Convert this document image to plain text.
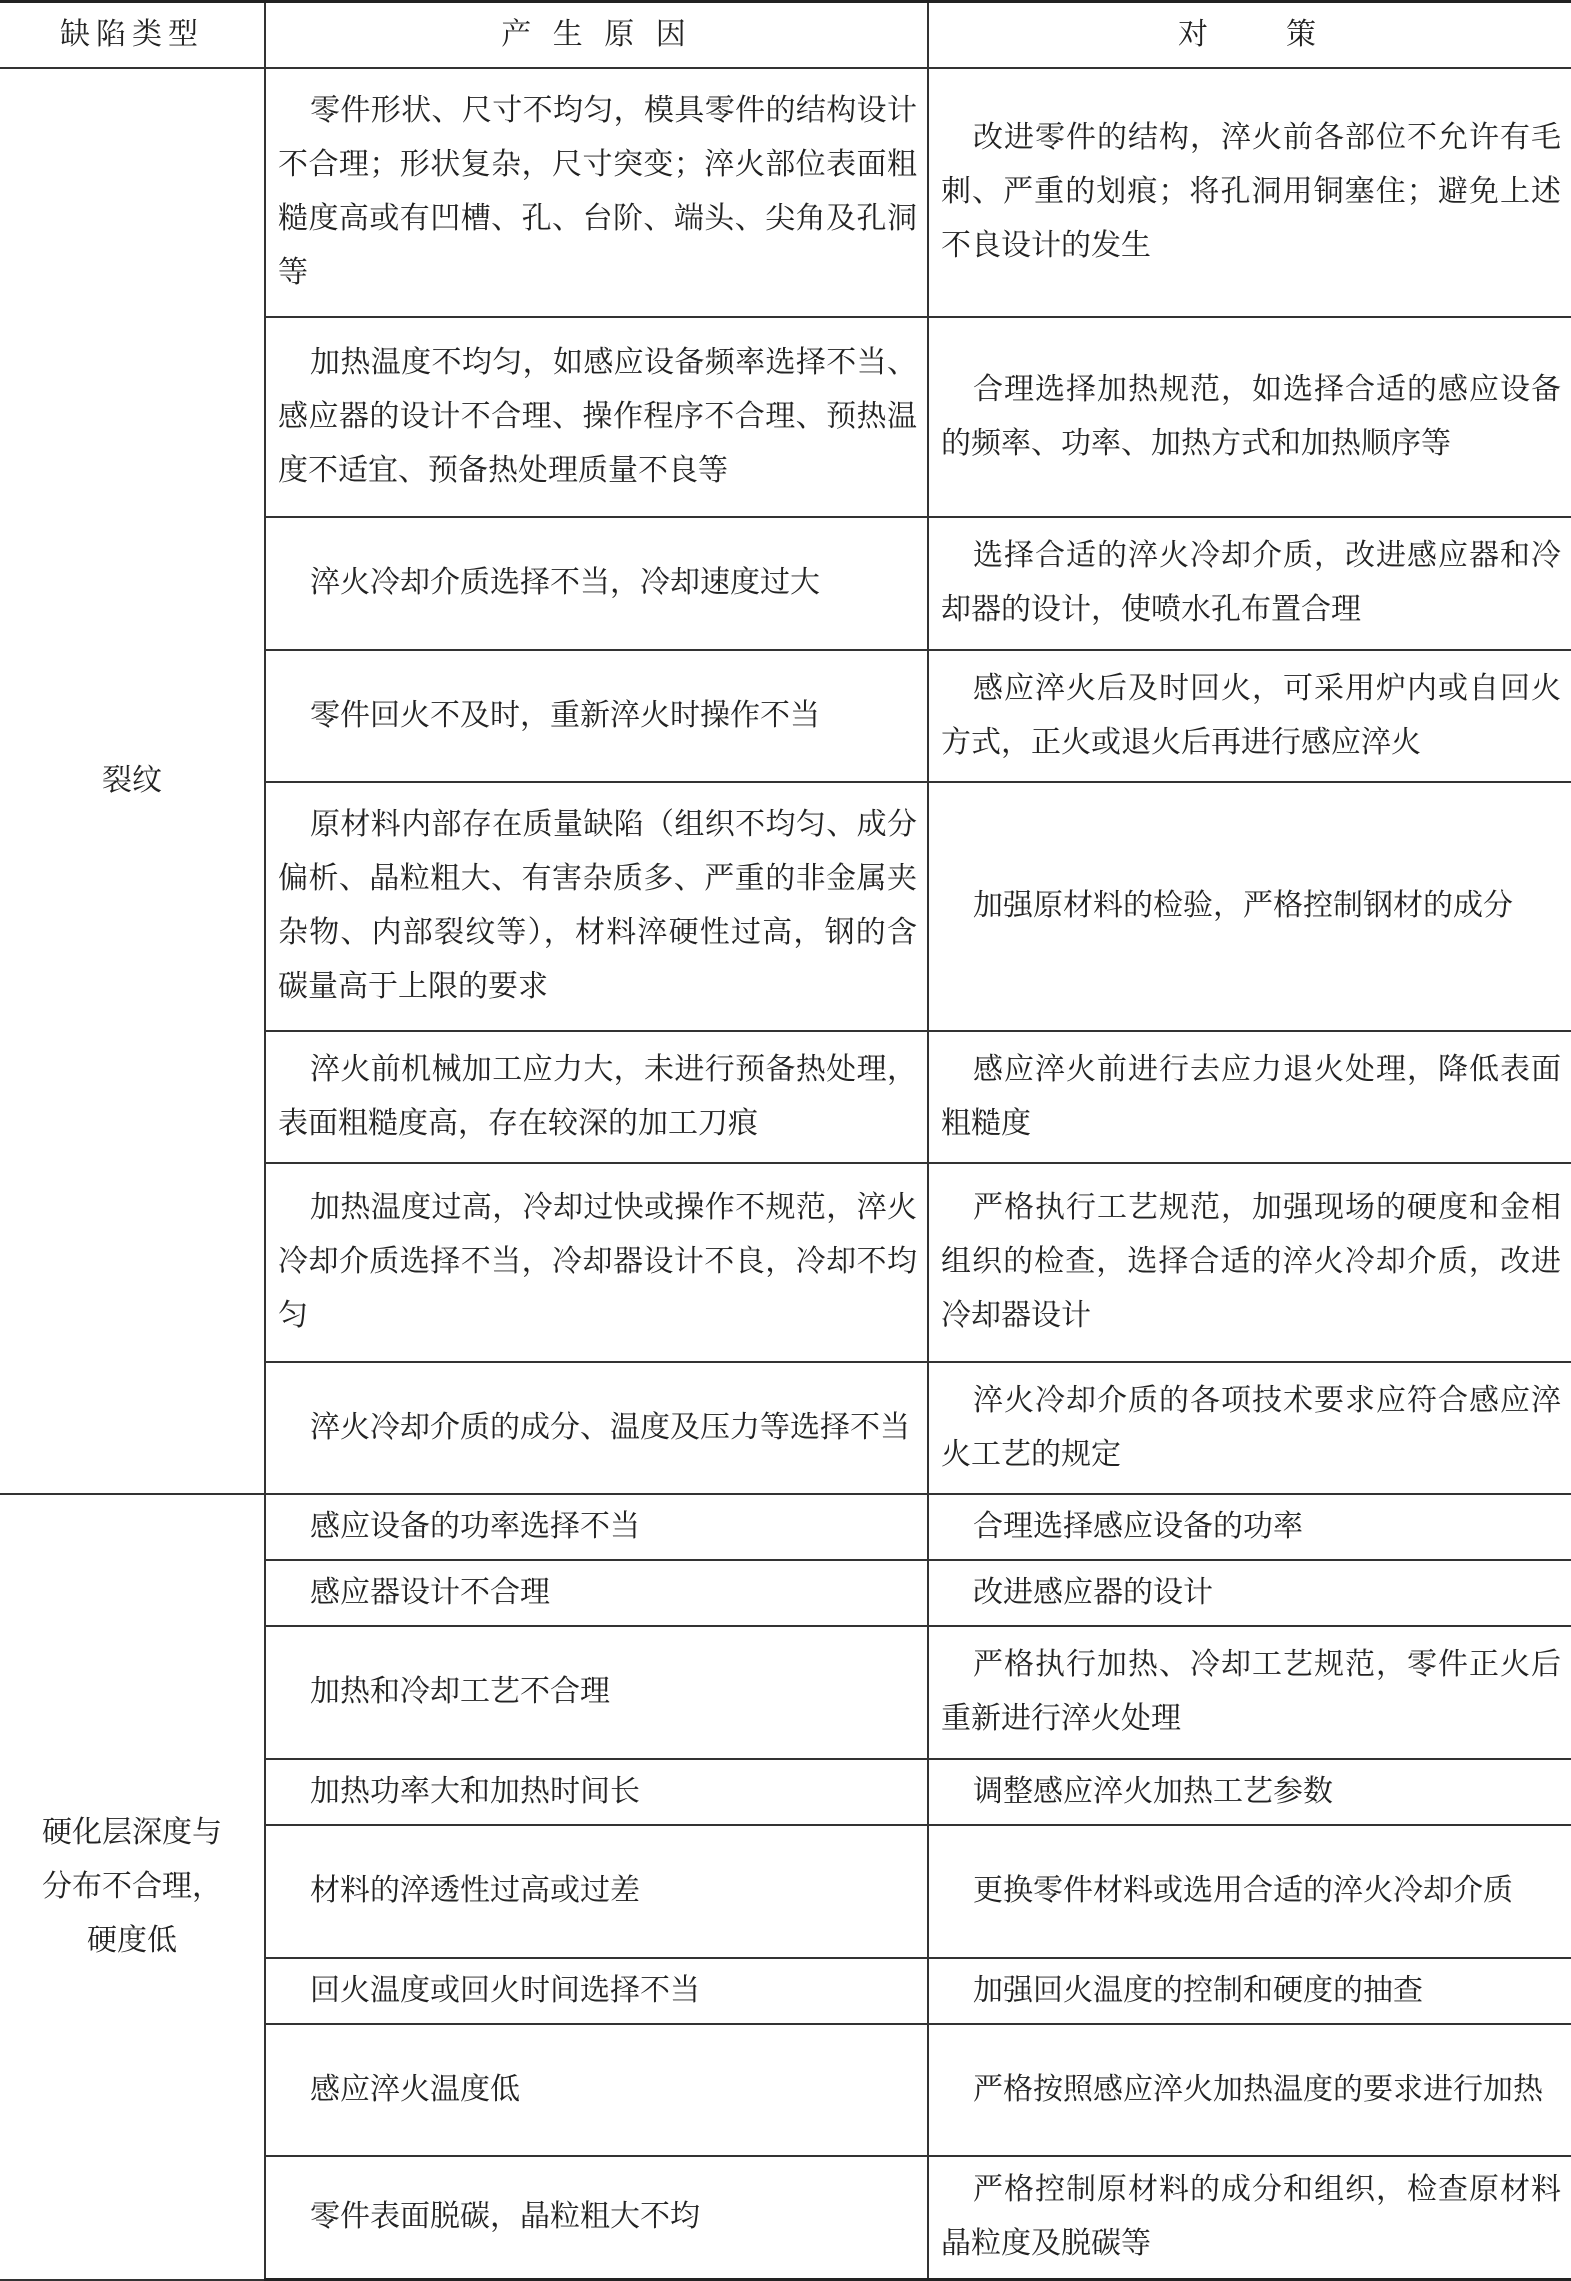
缺陷类型	产 生 原 因	对　　策
裂纹	零件形状、尺寸不均匀，模具零件的结构设计不合理；形状复杂，尺寸突变；淬火部位表面粗糙度高或有凹槽、孔、台阶、端头、尖角及孔洞等	改进零件的结构，淬火前各部位不允许有毛刺、严重的划痕；将孔洞用铜塞住；避免上述不良设计的发生
	加热温度不均匀，如感应设备频率选择不当、感应器的设计不合理、操作程序不合理、预热温度不适宜、预备热处理质量不良等	合理选择加热规范，如选择合适的感应设备的频率、功率、加热方式和加热顺序等
	淬火冷却介质选择不当，冷却速度过大	选择合适的淬火冷却介质，改进感应器和冷却器的设计，使喷水孔布置合理
	零件回火不及时，重新淬火时操作不当	感应淬火后及时回火，可采用炉内或自回火方式，正火或退火后再进行感应淬火
	原材料内部存在质量缺陷（组织不均匀、成分偏析、晶粒粗大、有害杂质多、严重的非金属夹杂物、内部裂纹等），材料淬硬性过高，钢的含碳量高于上限的要求	加强原材料的检验，严格控制钢材的成分
	淬火前机械加工应力大，未进行预备热处理，表面粗糙度高，存在较深的加工刀痕	感应淬火前进行去应力退火处理，降低表面粗糙度
	加热温度过高，冷却过快或操作不规范，淬火冷却介质选择不当，冷却器设计不良，冷却不均匀	严格执行工艺规范，加强现场的硬度和金相组织的检查，选择合适的淬火冷却介质，改进冷却器设计
	淬火冷却介质的成分、温度及压力等选择不当	淬火冷却介质的各项技术要求应符合感应淬火工艺的规定
硬化层深度与分布不合理，硬度低	感应设备的功率选择不当	合理选择感应设备的功率
	感应器设计不合理	改进感应器的设计
	加热和冷却工艺不合理	严格执行加热、冷却工艺规范，零件正火后重新进行淬火处理
	加热功率大和加热时间长	调整感应淬火加热工艺参数
	材料的淬透性过高或过差	更换零件材料或选用合适的淬火冷却介质
	回火温度或回火时间选择不当	加强回火温度的控制和硬度的抽查
	感应淬火温度低	严格按照感应淬火加热温度的要求进行加热
	零件表面脱碳，晶粒粗大不均	严格控制原材料的成分和组织，检查原材料晶粒度及脱碳等
